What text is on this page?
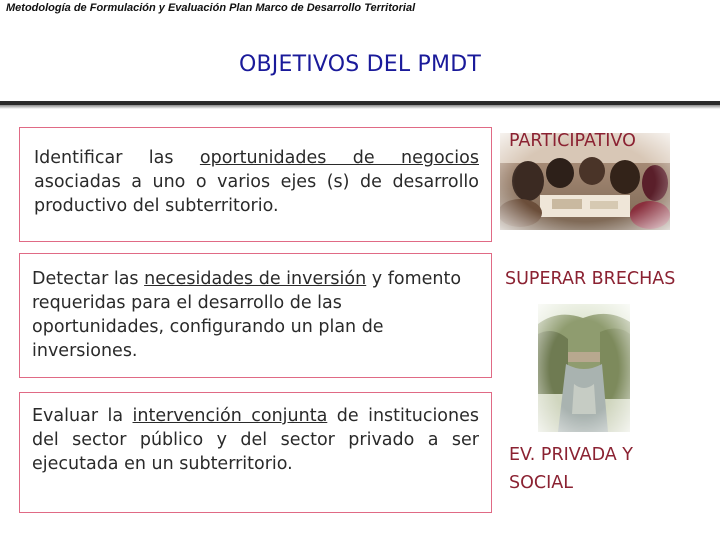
Metodología de Formulación y Evaluación Plan Marco de Desarrollo Territorial
OBJETIVOS DEL PMDT
Identificar las oportunidades de negocios asociadas a uno o varios ejes (s) de desarrollo productivo del subterritorio.
Detectar las necesidades de inversión y fomento requeridas para el desarrollo de las oportunidades, configurando un plan de inversiones.
Evaluar la intervención conjunta de instituciones del sector público y del sector privado a ser ejecutada en un subterritorio.
PARTICIPATIVO
SUPERAR BRECHAS
EV. PRIVADA Y
SOCIAL
